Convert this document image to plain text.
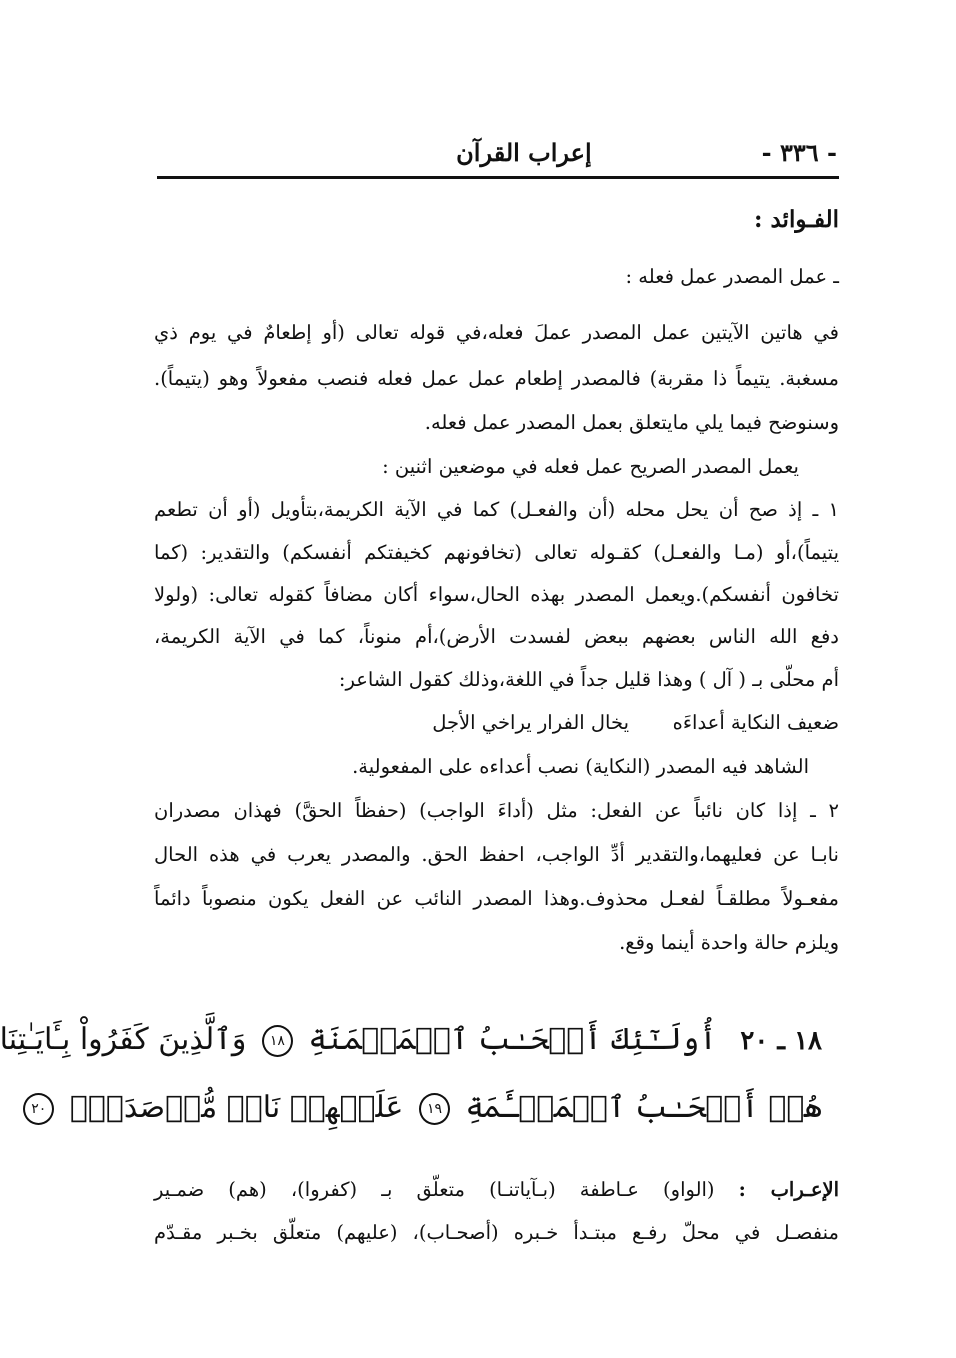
- ٣٣٦ -
إعراب القرآن
الفـوائد :
ـ عمل المصدر عمل فعله :
في هاتين الآيتين عمل المصدر عملَ فعله،في قوله تعالى (أو إطعامٌ في يوم ذي
مسغبة. يتيماً ذا مقربة) فالمصدر إطعام عمل عمل فعله فنصب مفعولاً وهو (يتيماً).
وسنوضح فيما يلي مايتعلق بعمل المصدر عمل فعله.
يعمل المصدر الصريح عمل فعله في موضعين اثنين :
١ ـ إذ صح أن يحل محله (أن والفعـل) كما في الآية الكريمة،بتأويل (أو أن تطعم
يتيماً)،أو (مـا والفعـل) كقـوله تعالى (تخافونهم كخيفتكم أنفسكم) والتقدير: (كما
تخافون أنفسكم).ويعمل المصدر بهذه الحال،سواء أكان مضافاً كقوله تعالى: (ولولا
دفع الله الناس بعضهم ببعض لفسدت الأرض)،أم منوناً، كما في الآية الكريمة،
أم محلّى بـ ( آل ) وهذا قليل جداً في اللغة،وذلك كقول الشاعر:
ضعيف النكاية أعداءَه
يخال الفرار يراخي الأجل
الشاهد فيه المصدر (النكاية) نصب أعداءه على المفعولية.
٢ ـ إذا كان نائباً عن الفعل: مثل (أداءَ الواجب) (حفظاً الحقَّ) فهذان مصدران
نابـا عن فعليهما،والتقدير أدِّ الواجب، احفظ الحق. والمصدر يعرب في هذه الحال
مفعـولاً مطلقـاً لفعـل محذوف.وهذا المصدر النائب عن الفعل يكون منصوباً دائماً
ويلزم حالة واحدة أينما وقع.
١٨ ـ ٢٠ أُولَـٰٓئِكَ أَصۡحَـٰبُ ٱلۡمَيۡمَنَةِ ١٨ وَٱلَّذِينَ كَفَرُواْ بِـَٔايَـٰتِنَا
هُمۡ أَصۡحَـٰبُ ٱلۡمَشۡـَٔمَةِ ١٩ عَلَيۡهِمۡ نَارٞ مُّؤۡصَدَةُۢ ٢٠
الإعـراب : (الواو) عـاطفة (بـآياتنـا) متعلّق بـ (كفروا)، (هم) ضمـير
منفصـل في محلّ رفـع مبتـدأ خـبره (أصحـاب)، (عليهم) متعلّق بخـبر مقـدّم
